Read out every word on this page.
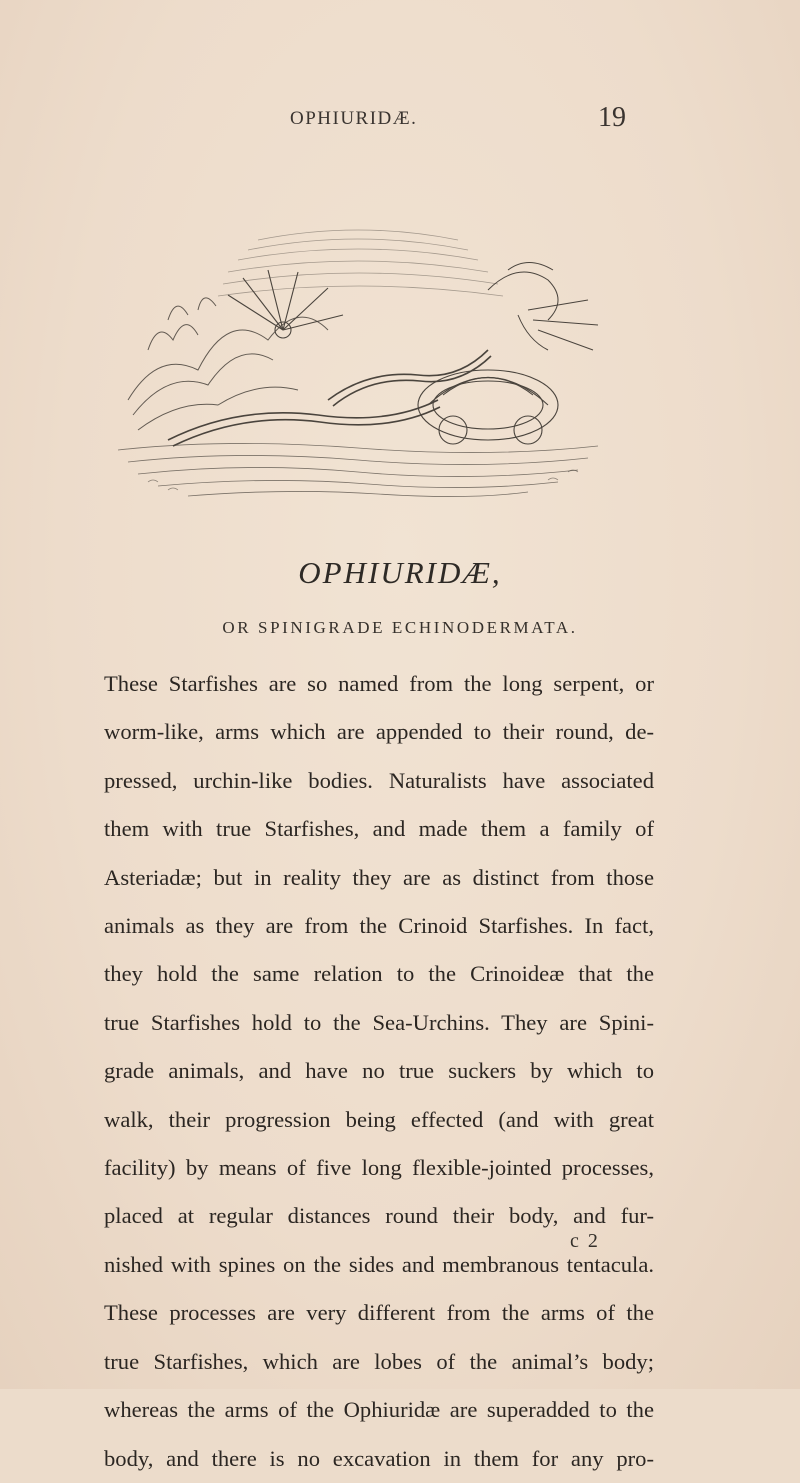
OPHIURIDÆ.	19
OPHIURIDÆ,
OR SPINIGRADE ECHINODERMATA.
These Starfishes are so named from the long serpent, or
worm-like, arms which are appended to their round, de-
pressed, urchin-like bodies. Naturalists have associated
them with true Starfishes, and made them a family of
Asteriadæ; but in reality they are as distinct from those
animals as they are from the Crinoid Starfishes. In fact,
they hold the same relation to the Crinoideæ that the
true Starfishes hold to the Sea-Urchins. They are Spini-
grade animals, and have no true suckers by which to
walk, their progression being effected (and with great
facility) by means of five long flexible-jointed processes,
placed at regular distances round their body, and fur-
nished with spines on the sides and membranous tentacula.
These processes are very different from the arms of the
true Starfishes, which are lobes of the animal’s body;
whereas the arms of the Ophiuridæ are superadded to the
body, and there is no excavation in them for any pro-
c 2
